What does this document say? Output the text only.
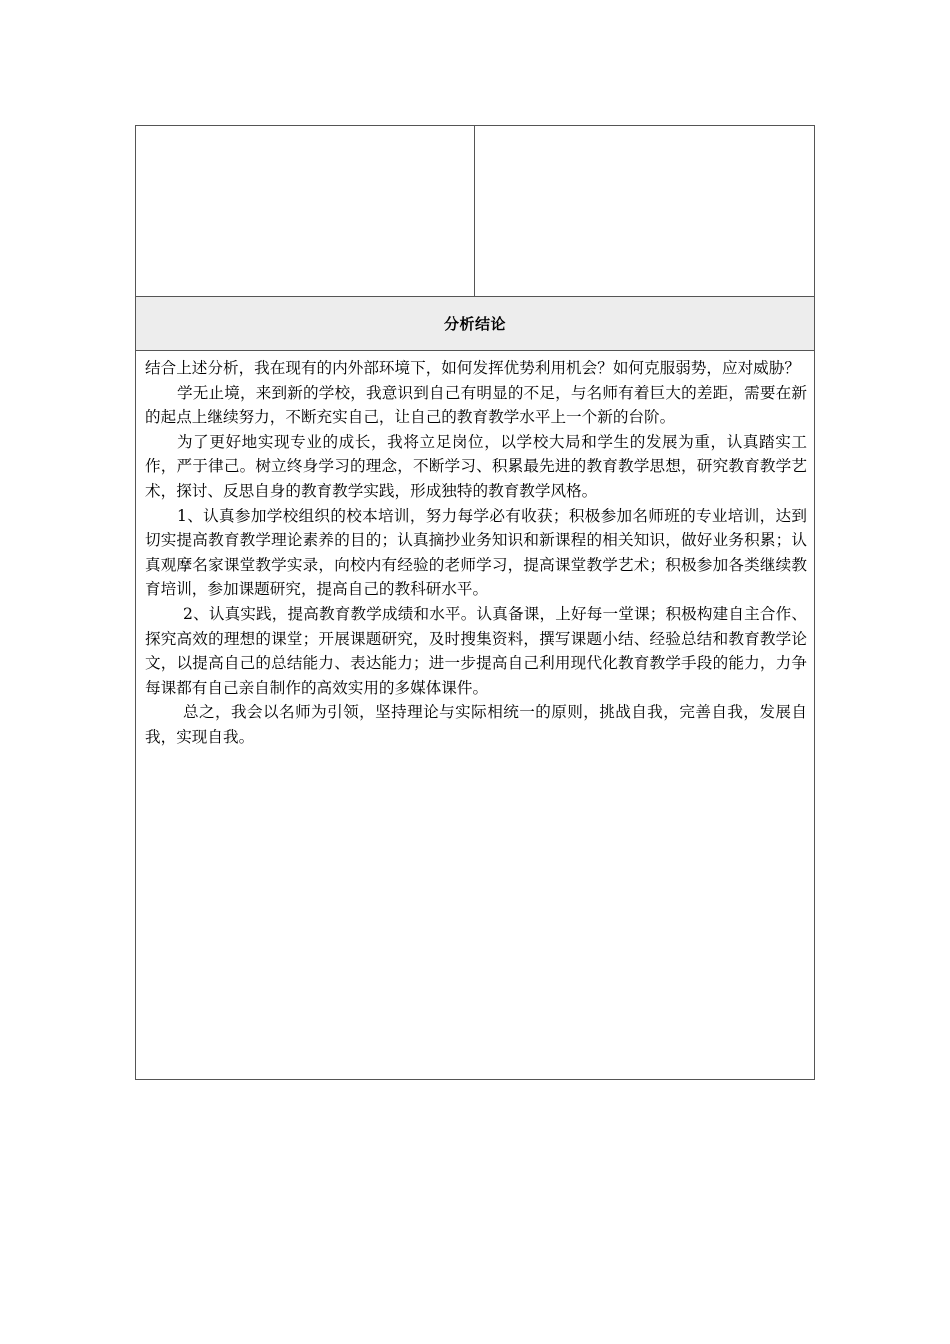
分析结论

结合上述分析，我在现有的内外部环境下，如何发挥优势利用机会？如何克服弱势，应对威胁？

学无止境，来到新的学校，我意识到自己有明显的不足，与名师有着巨大的差距，需要在新的起点上继续努力，不断充实自己，让自己的教育教学水平上一个新的台阶。

为了更好地实现专业的成长，我将立足岗位，以学校大局和学生的发展为重，认真踏实工作，严于律己。树立终身学习的理念，不断学习、积累最先进的教育教学思想，研究教育教学艺术，探讨、反思自身的教育教学实践，形成独特的教育教学风格。

1、认真参加学校组织的校本培训，努力每学必有收获；积极参加名师班的专业培训，达到切实提高教育教学理论素养的目的；认真摘抄业务知识和新课程的相关知识，做好业务积累；认真观摩名家课堂教学实录，向校内有经验的老师学习，提高课堂教学艺术；积极参加各类继续教育培训，参加课题研究，提高自己的教科研水平。

2、认真实践，提高教育教学成绩和水平。认真备课，上好每一堂课；积极构建自主合作、探究高效的理想的课堂；开展课题研究，及时搜集资料，撰写课题小结、经验总结和教育教学论文，以提高自己的总结能力、表达能力；进一步提高自己利用现代化教育教学手段的能力，力争每课都有自己亲自制作的高效实用的多媒体课件。

总之，我会以名师为引领，坚持理论与实际相统一的原则，挑战自我，完善自我，发展自我，实现自我。
